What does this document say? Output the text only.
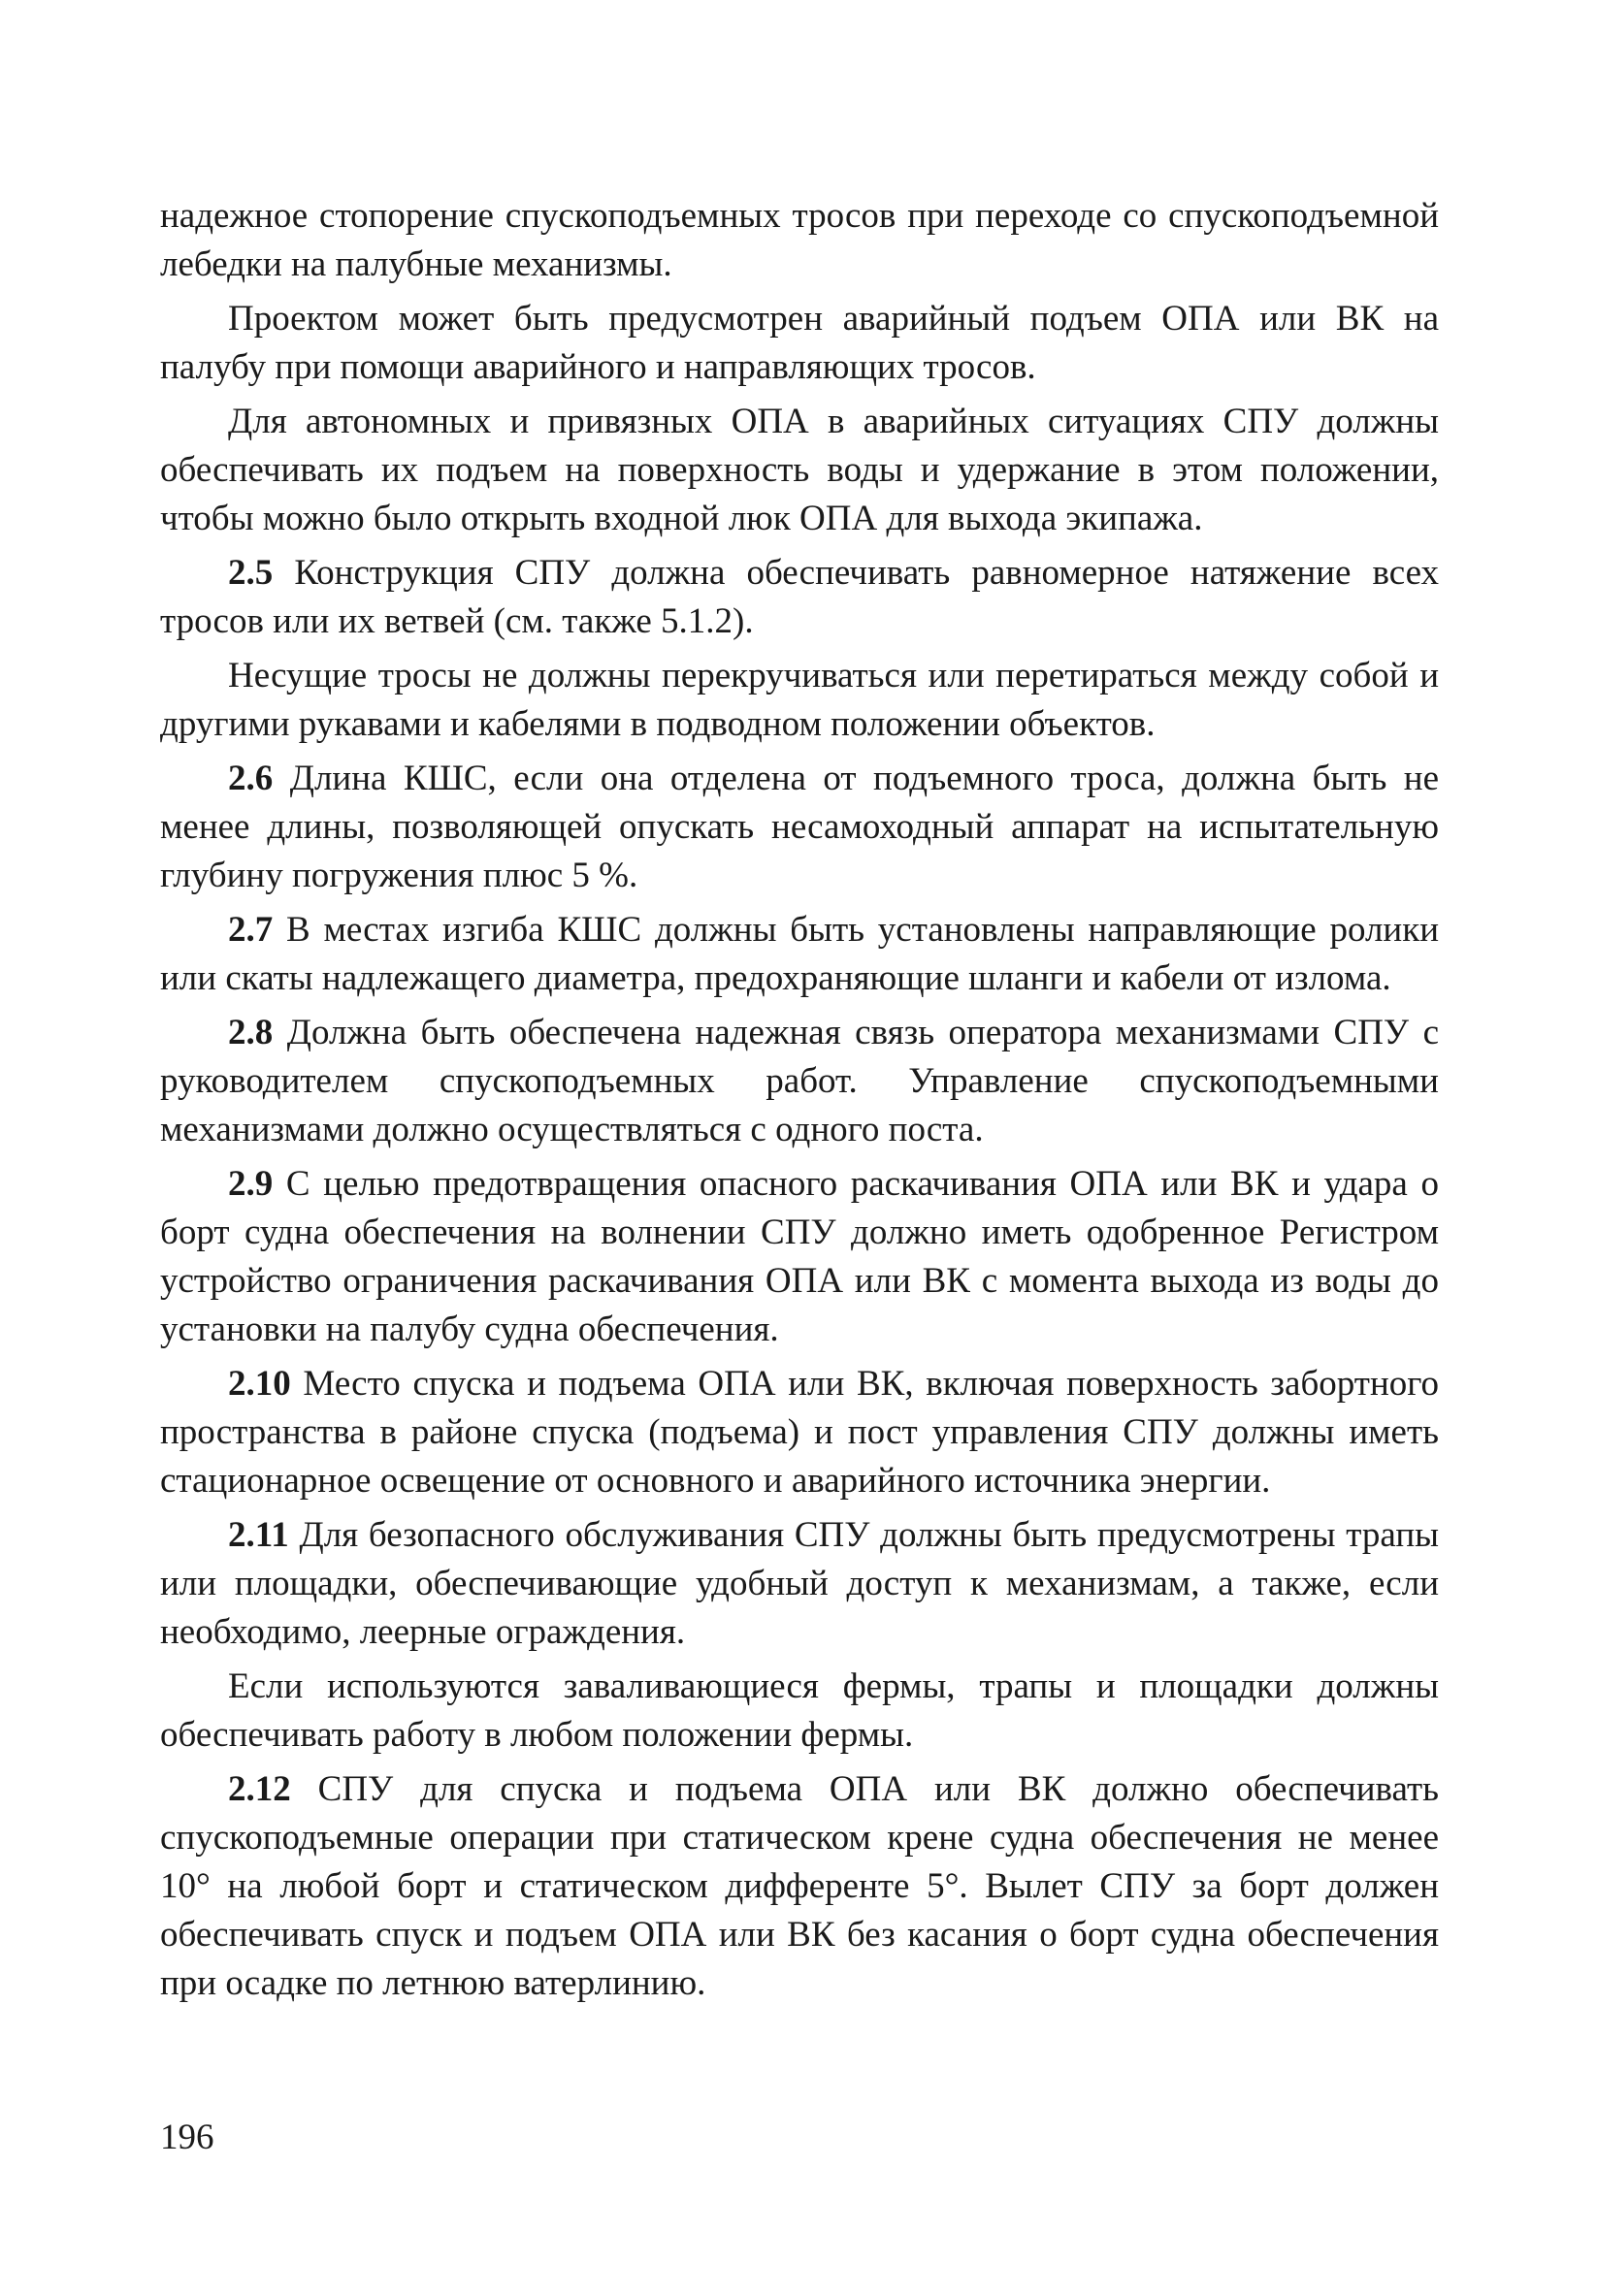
надежное стопорение спускоподъемных тросов при переходе со спускоподъемной лебедки на палубные механизмы.

Проектом может быть предусмотрен аварийный подъем ОПА или ВК на палубу при помощи аварийного и направляющих тросов.

Для автономных и привязных ОПА в аварийных ситуациях СПУ должны обеспечивать их подъем на поверхность воды и удержание в этом положении, чтобы можно было открыть входной люк ОПА для выхода экипажа.

2.5 Конструкция СПУ должна обеспечивать равномерное натяжение всех тросов или их ветвей (см. также 5.1.2).

Несущие тросы не должны перекручиваться или перетираться между собой и другими рукавами и кабелями в подводном положении объектов.

2.6 Длина КШС, если она отделена от подъемного троса, должна быть не менее длины, позволяющей опускать несамоходный аппарат на испытательную глубину погружения плюс 5 %.

2.7 В местах изгиба КШС должны быть установлены направляющие ролики или скаты надлежащего диаметра, предохраняющие шланги и кабели от излома.

2.8 Должна быть обеспечена надежная связь оператора механизмами СПУ с руководителем спускоподъемных работ. Управление спускоподъемными механизмами должно осуществляться с одного поста.

2.9 С целью предотвращения опасного раскачивания ОПА или ВК и удара о борт судна обеспечения на волнении СПУ должно иметь одобренное Регистром устройство ограничения раскачивания ОПА или ВК с момента выхода из воды до установки на палубу судна обеспечения.

2.10 Место спуска и подъема ОПА или ВК, включая поверхность забортного пространства в районе спуска (подъема) и пост управления СПУ должны иметь стационарное освещение от основного и аварийного источника энергии.

2.11 Для безопасного обслуживания СПУ должны быть предусмотрены трапы или площадки, обеспечивающие удобный доступ к механизмам, а также, если необходимо, леерные ограждения.

Если используются заваливающиеся фермы, трапы и площадки должны обеспечивать работу в любом положении фермы.

2.12 СПУ для спуска и подъема ОПА или ВК должно обеспечивать спускоподъемные операции при статическом крене судна обеспечения не менее 10° на любой борт и статическом дифференте 5°. Вылет СПУ за борт должен обеспечивать спуск и подъем ОПА или ВК без касания о борт судна обеспечения при осадке по летнюю ватерлинию.

196
